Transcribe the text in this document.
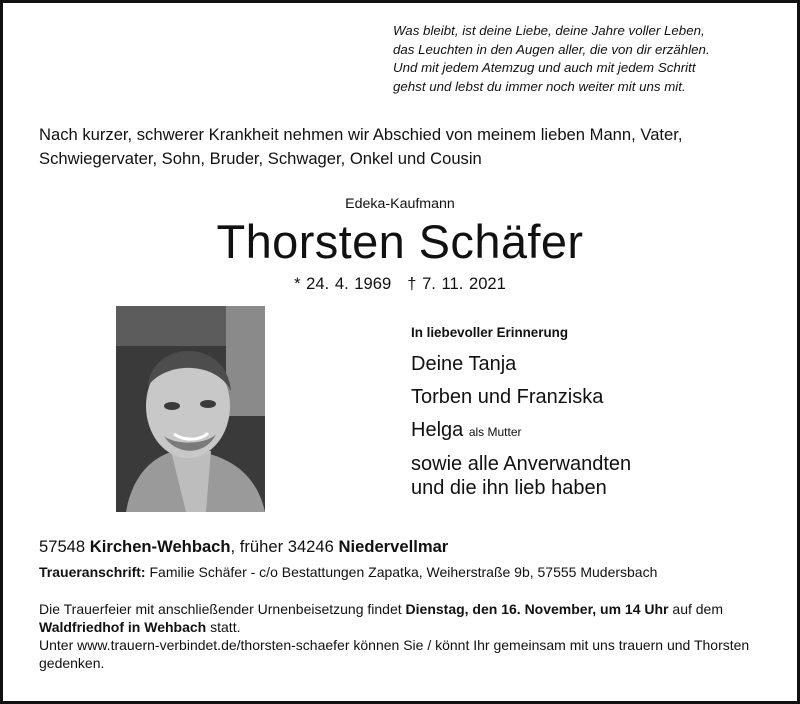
Was bleibt, ist deine Liebe, deine Jahre voller Leben,
das Leuchten in den Augen aller, die von dir erzählen.
Und mit jedem Atemzug und auch mit jedem Schritt
gehst und lebst du immer noch weiter mit uns mit.
Nach kurzer, schwerer Krankheit nehmen wir Abschied von meinem lieben Mann, Vater, Schwiegervater, Sohn, Bruder, Schwager, Onkel und Cousin
Edeka-Kaufmann
Thorsten Schäfer
* 24. 4. 1969 † 7. 11. 2021
In liebevoller Erinnerung
Deine Tanja
Torben und Franziska
Helga als Mutter
sowie alle Anverwandten
und die ihn lieb haben
57548 Kirchen-Wehbach, früher 34246 Niedervellmar
Traueranschrift: Familie Schäfer - c/o Bestattungen Zapatka, Weiherstraße 9b, 57555 Mudersbach
Die Trauerfeier mit anschließender Urnenbeisetzung findet Dienstag, den 16. November, um 14 Uhr auf dem Waldfriedhof in Wehbach statt.
Unter www.trauern-verbindet.de/thorsten-schaefer können Sie / könnt Ihr gemeinsam mit uns trauern und Thorsten gedenken.
